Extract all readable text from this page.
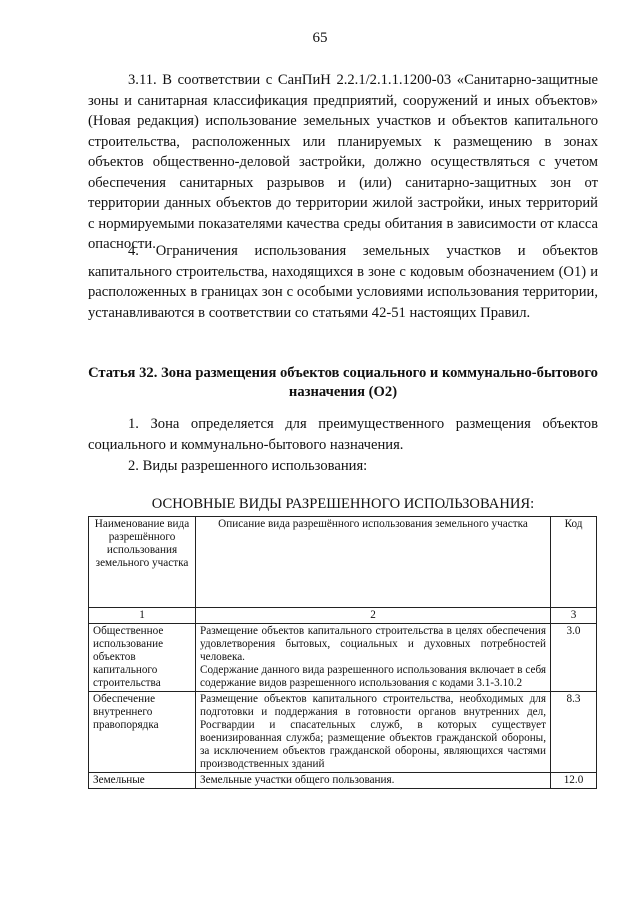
65

3.11. В соответствии с СанПиН 2.2.1/2.1.1.1200-03 «Санитарно-защитные зоны и санитарная классификация предприятий, сооружений и иных объектов» (Новая редакция) использование земельных участков и объектов капитального строительства, расположенных или планируемых к размещению в зонах объектов общественно-деловой застройки, должно осуществляться с учетом обеспечения санитарных разрывов и (или) санитарно-защитных зон от территории данных объектов до территории жилой застройки, иных территорий с нормируемыми показателями качества среды обитания в зависимости от класса опасности.

4. Ограничения использования земельных участков и объектов капитального строительства, находящихся в зоне с кодовым обозначением (О1) и расположенных в границах зон с особыми условиями использования территории, устанавливаются в соответствии со статьями 42-51 настоящих Правил.

Статья 32. Зона размещения объектов социального и коммунально-бытового назначения (О2)

1. Зона определяется для преимущественного размещения объектов социального и коммунально-бытового назначения.

2. Виды разрешенного использования:

ОСНОВНЫЕ ВИДЫ РАЗРЕШЕННОГО ИСПОЛЬЗОВАНИЯ:
Наименование вида разрешённого использования земельного участка	Описание вида разрешённого использования земельного участка	Код
1	2	3
Общественное использование объектов капитального строительства	Размещение объектов капитального строительства в целях обеспечения удовлетворения бытовых, социальных и духовных потребностей человека.
Содержание данного вида разрешенного использования включает в себя содержание видов разрешенного использования с кодами 3.1-3.10.2	3.0
Обеспечение внутреннего правопорядка	Размещение объектов капитального строительства, необходимых для подготовки и поддержания в готовности органов внутренних дел, Росгвардии и спасательных служб, в которых существует военизированная служба; размещение объектов гражданской обороны, за исключением объектов гражданской обороны, являющихся частями производственных зданий	8.3
Земельные	Земельные участки общего пользования.	12.0
